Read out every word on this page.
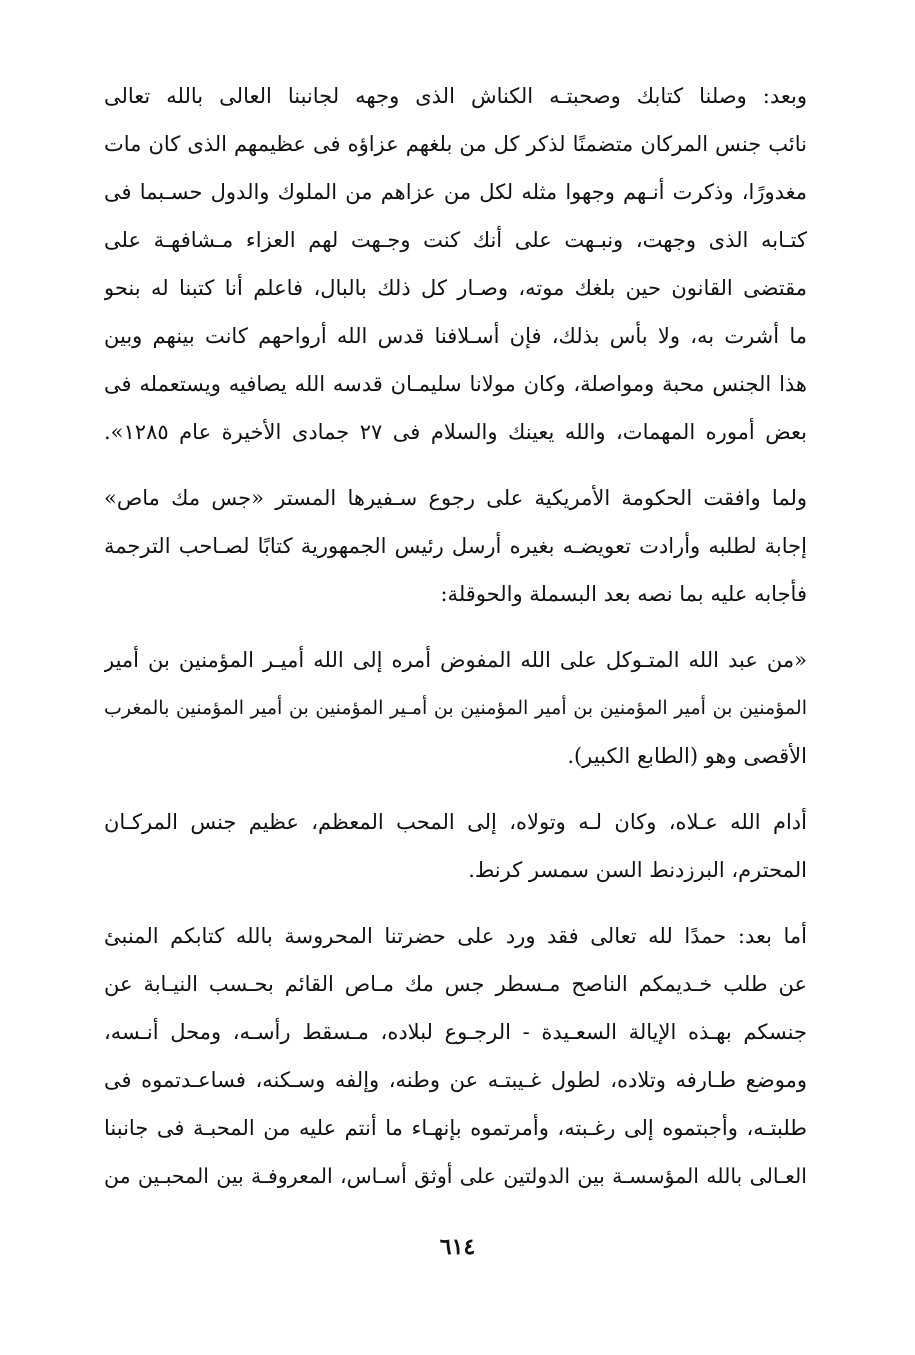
وبعد: وصلنا كتابك وصحبتـه الكناش الذى وجهه لجانبنا العالى بالله تعالى
نائب جنس المركان متضمنًا لذكر كل من بلغهم عزاؤه فى عظيمهم الذى كان مات
مغدورًا، وذكرت أنـهم وجهوا مثله لكل من عزاهم من الملوك والدول حسـبما فى
كتـابه الذى وجهت، ونبـهت على أنك كنت وجـهت لهم العزاء مـشافهـة على
مقتضى القانون حين بلغك موته، وصـار كل ذلك بالبال، فاعلم أنا كتبنا له بنحو
ما أشرت به، ولا بأس بذلك، فإن أسـلافنا قدس الله أرواحهم كانت بينهم وبين
هذا الجنس محبة ومواصلة، وكان مولانا سليمـان قدسه الله يصافيه ويستعمله فى
بعض أموره المهمات، والله يعينك والسلام فى ٢٧ جمادى الأخيرة عام ١٢٨٥».
ولما وافقت الحكومة الأمريكية على رجوع سـفيرها المستر «جس مك ماص»
إجابة لطلبه وأرادت تعويضـه بغيره أرسل رئيس الجمهورية كتابًا لصـاحب الترجمة
فأجابه عليه بما نصه بعد البسملة والحوقلة:
«من عبد الله المتـوكل على الله المفوض أمره إلى الله أميـر المؤمنين بن أمير
المؤمنين بن أمير المؤمنين بن أمير المؤمنين بن أمـير المؤمنين بن أمير المؤمنين بالمغرب
الأقصى وهو (الطابع الكبير).
أدام الله عـلاه، وكان لـه وتولاه، إلى المحب المعظم، عظيم جنس المركـان
المحترم، البرزدنط السن سمسر كرنط.
أما بعد: حمدًا لله تعالى فقد ورد على حضرتنا المحروسة بالله كتابكم المنبئ
عن طلب خـديمكم الناصح مـسطر جس مك مـاص القائم بحـسب النيـابة عن
جنسكم بهـذه الإيالة السعـيدة - الرجـوع لبلاده، مـسقط رأسـه، ومحل أنـسه،
وموضع طـارفه وتلاده، لطول غـيبتـه عن وطنه، وإلفه وسـكنه، فساعـدتموه فى
طلبتـه، وأجبتموه إلى رغـبته، وأمرتموه بإنهـاء ما أنتم عليه من المحبـة فى جانبنا
العـالى بالله المؤسسـة بين الدولتين على أوثق أسـاس، المعروفـة بين المحبـين من
٦١٤
